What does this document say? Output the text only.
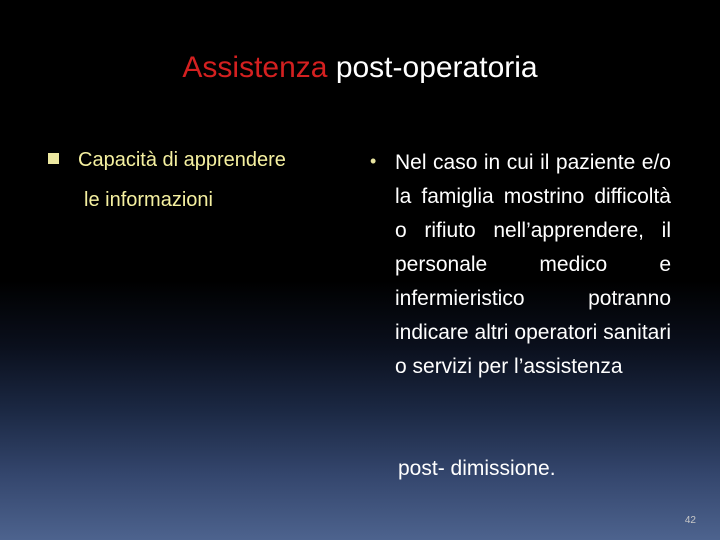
Assistenza post-operatoria
Capacità di apprendere
le informazioni
• Nel caso in cui il paziente e/o la famiglia mostrino difficoltà o rifiuto nell’apprendere, il personale medico e infermieristico potranno indicare altri operatori sanitari o servizi per l’assistenza
post- dimissione.
42
